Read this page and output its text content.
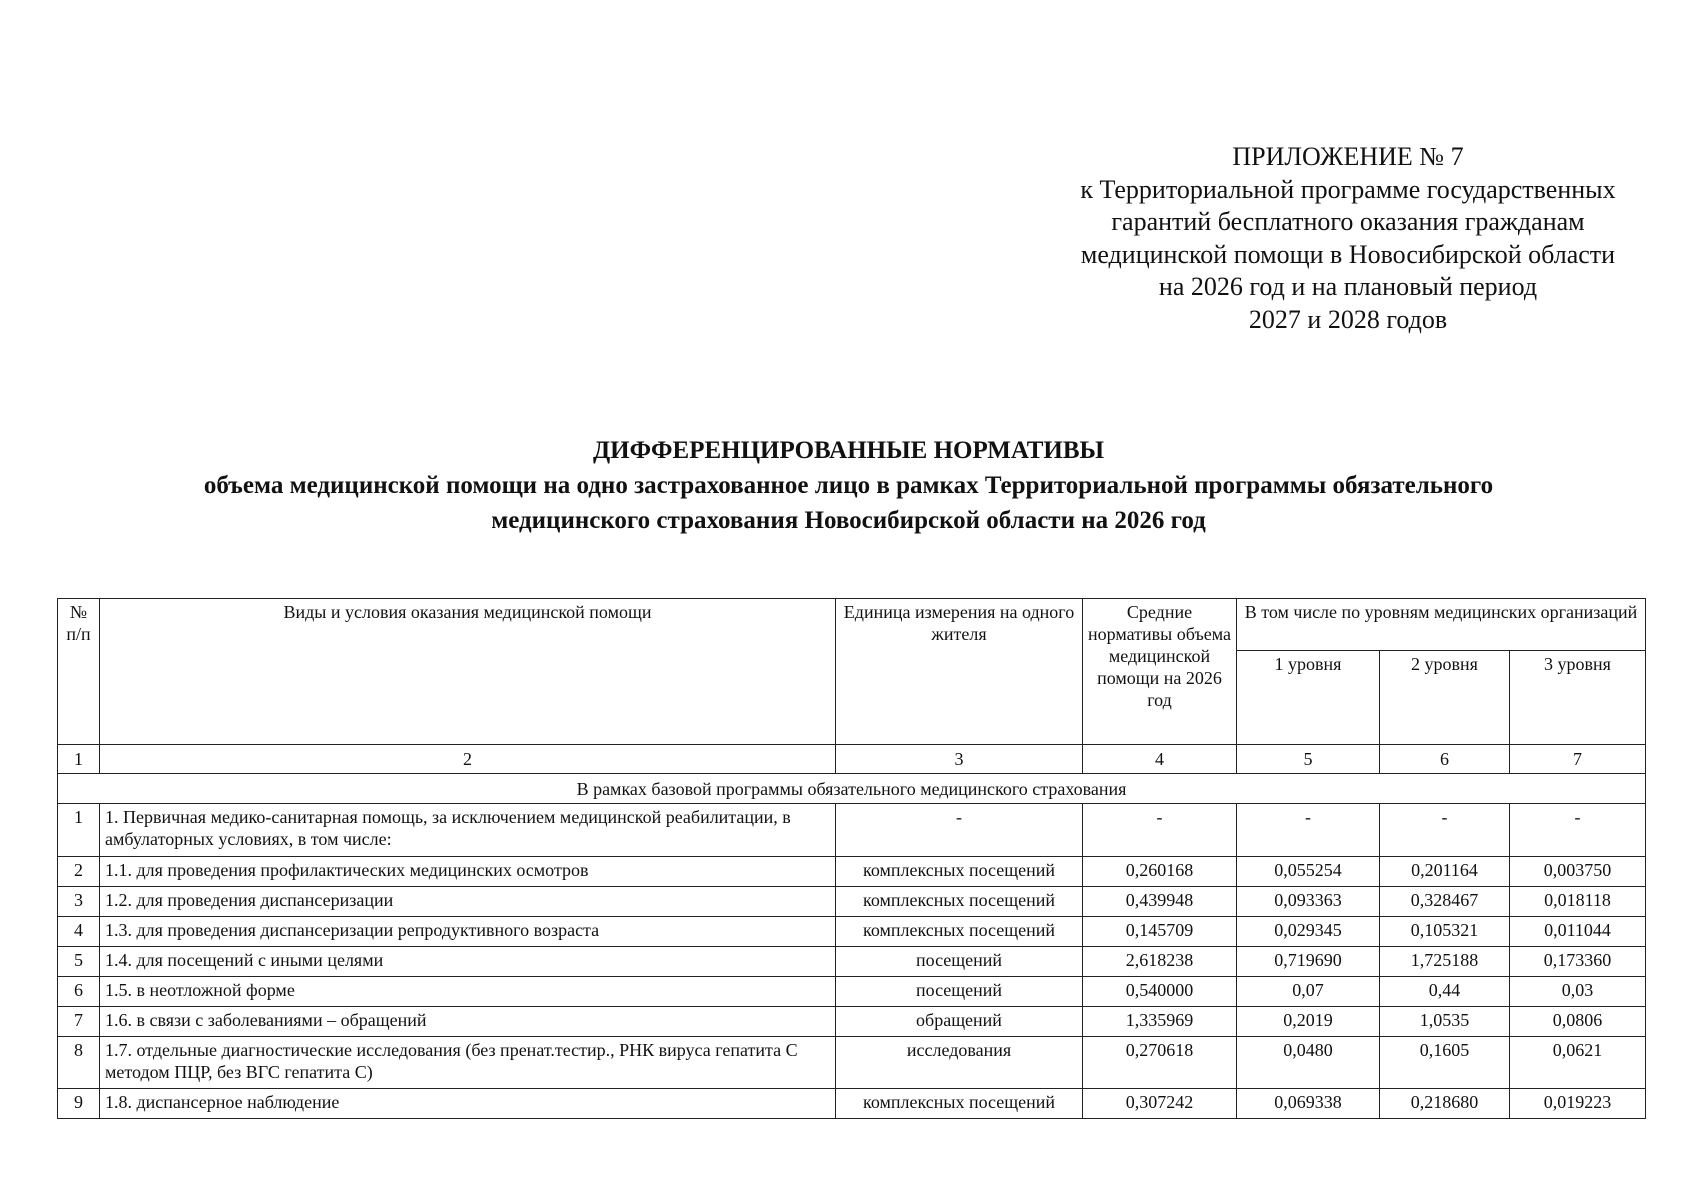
ПРИЛОЖЕНИЕ № 7
к Территориальной программе государственных
гарантий бесплатного оказания гражданам
медицинской помощи в Новосибирской области
на 2026 год и на плановый период
2027 и 2028 годов
ДИФФЕРЕНЦИРОВАННЫЕ НОРМАТИВЫ
объема медицинской помощи на одно застрахованное лицо в рамках Территориальной программы обязательного
медицинского страхования Новосибирской области на 2026 год
№ п/п	Виды и условия оказания медицинской помощи	Единица измерения на одного жителя	Средние нормативы объема медицинской помощи на 2026 год	В том числе по уровням медицинских организаций		
				1 уровня	2 уровня	3 уровня
1	2	3	4	5	6	7
В рамках базовой программы обязательного медицинского страхования						
1	1. Первичная медико-санитарная помощь, за исключением медицинской реабилитации, в амбулаторных условиях, в том числе:	-	-	-	-	-
2	1.1. для проведения профилактических медицинских осмотров	комплексных посещений	0,260168	0,055254	0,201164	0,003750
3	1.2. для проведения диспансеризации	комплексных посещений	0,439948	0,093363	0,328467	0,018118
4	1.3. для проведения диспансеризации репродуктивного возраста	комплексных посещений	0,145709	0,029345	0,105321	0,011044
5	1.4. для посещений с иными целями	посещений	2,618238	0,719690	1,725188	0,173360
6	1.5. в неотложной форме	посещений	0,540000	0,07	0,44	0,03
7	1.6. в связи с заболеваниями – обращений	обращений	1,335969	0,2019	1,0535	0,0806
8	1.7. отдельные диагностические исследования (без пренат.тестир., РНК вируса гепатита С методом ПЦР, без ВГС гепатита С)	исследования	0,270618	0,0480	0,1605	0,0621
9	1.8. диспансерное наблюдение	комплексных посещений	0,307242	0,069338	0,218680	0,019223
